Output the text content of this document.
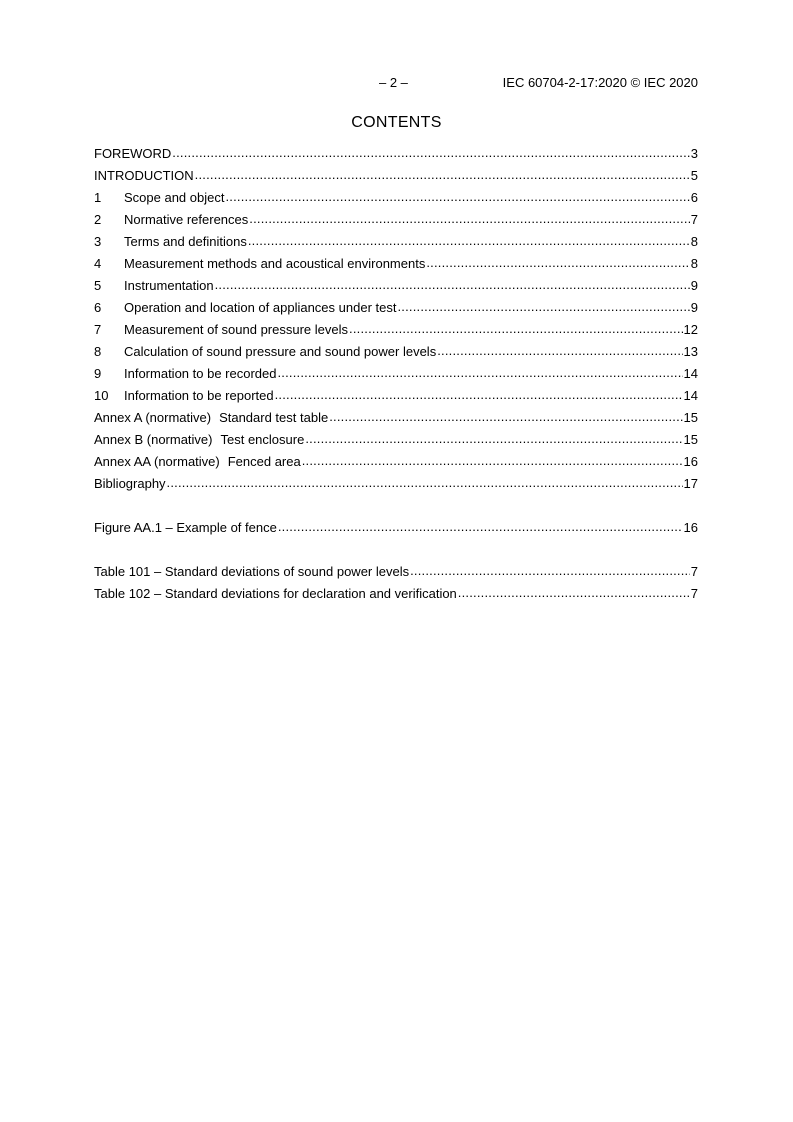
– 2 –	IEC 60704-2-17:2020 © IEC 2020
CONTENTS
FOREWORD .....	3
INTRODUCTION .....	5
1	Scope and object .....	6
2	Normative references .....	7
3	Terms and definitions .....	8
4	Measurement methods and acoustical environments .....	8
5	Instrumentation .....	9
6	Operation and location of appliances under test .....	9
7	Measurement of sound pressure levels .....	12
8	Calculation of sound pressure and sound power levels .....	13
9	Information to be recorded .....	14
10	Information to be reported .....	14
Annex A (normative) Standard test table .....	15
Annex B (normative) Test enclosure .....	15
Annex AA (normative) Fenced area .....	16
Bibliography .....	17
Figure AA.1 – Example of fence .....	16
Table 101 – Standard deviations of sound power levels .....	7
Table 102 – Standard deviations for declaration and verification .....	7
